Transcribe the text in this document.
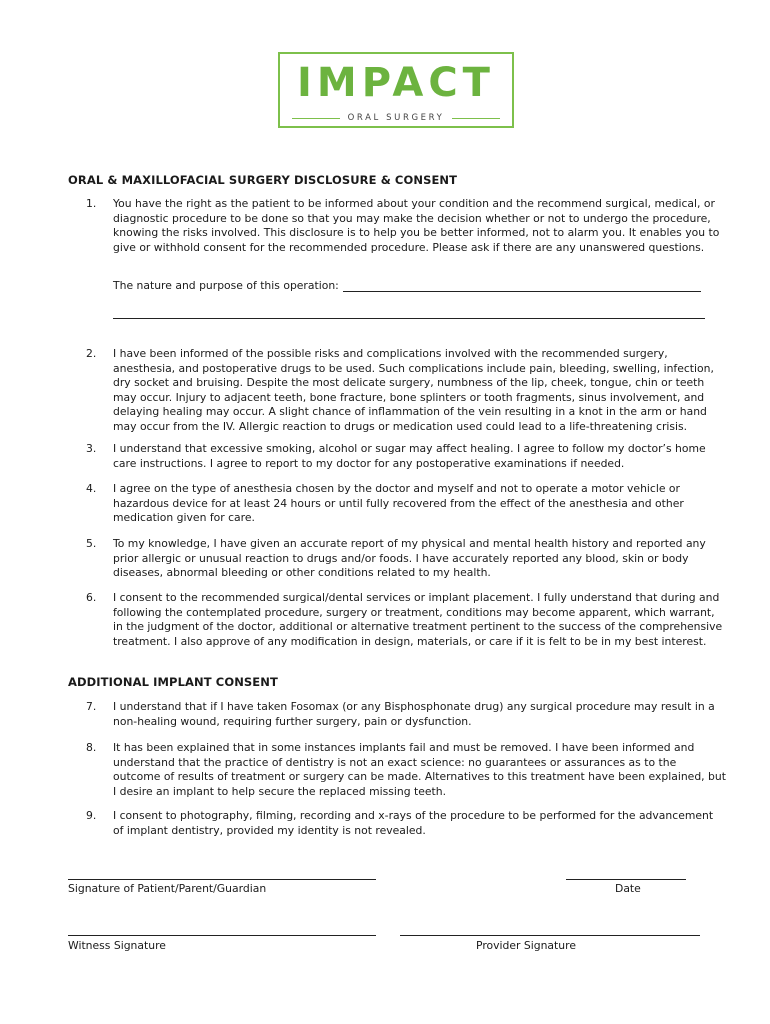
IMPACT
ORAL SURGERY
ORAL & MAXILLOFACIAL SURGERY DISCLOSURE & CONSENT
1. You have the right as the patient to be informed about your condition and the recommend surgical, medical, or diagnostic procedure to be done so that you may make the decision whether or not to undergo the procedure, knowing the risks involved. This disclosure is to help you be better informed, not to alarm you. It enables you to give or withhold consent for the recommended procedure. Please ask if there are any unanswered questions.
The nature and purpose of this operation:
2. I have been informed of the possible risks and complications involved with the recommended surgery, anesthesia, and postoperative drugs to be used. Such complications include pain, bleeding, swelling, infection, dry socket and bruising. Despite the most delicate surgery, numbness of the lip, cheek, tongue, chin or teeth may occur. Injury to adjacent teeth, bone fracture, bone splinters or tooth fragments, sinus involvement, and delaying healing may occur. A slight chance of inflammation of the vein resulting in a knot in the arm or hand may occur from the IV. Allergic reaction to drugs or medication used could lead to a life-threatening crisis.
3. I understand that excessive smoking, alcohol or sugar may affect healing. I agree to follow my doctor’s home care instructions. I agree to report to my doctor for any postoperative examinations if needed.
4. I agree on the type of anesthesia chosen by the doctor and myself and not to operate a motor vehicle or hazardous device for at least 24 hours or until fully recovered from the effect of the anesthesia and other medication given for care.
5. To my knowledge, I have given an accurate report of my physical and mental health history and reported any prior allergic or unusual reaction to drugs and/or foods. I have accurately reported any blood, skin or body diseases, abnormal bleeding or other conditions related to my health.
6. I consent to the recommended surgical/dental services or implant placement. I fully understand that during and following the contemplated procedure, surgery or treatment, conditions may become apparent, which warrant, in the judgment of the doctor, additional or alternative treatment pertinent to the success of the comprehensive treatment. I also approve of any modification in design, materials, or care if it is felt to be in my best interest.
ADDITIONAL IMPLANT CONSENT
7. I understand that if I have taken Fosomax (or any Bisphosphonate drug) any surgical procedure may result in a non-healing wound, requiring further surgery, pain or dysfunction.
8. It has been explained that in some instances implants fail and must be removed. I have been informed and understand that the practice of dentistry is not an exact science: no guarantees or assurances as to the outcome of results of treatment or surgery can be made. Alternatives to this treatment have been explained, but I desire an implant to help secure the replaced missing teeth.
9. I consent to photography, filming, recording and x-rays of the procedure to be performed for the advancement of implant dentistry, provided my identity is not revealed.
Signature of Patient/Parent/Guardian	Date
Witness Signature	Provider Signature
